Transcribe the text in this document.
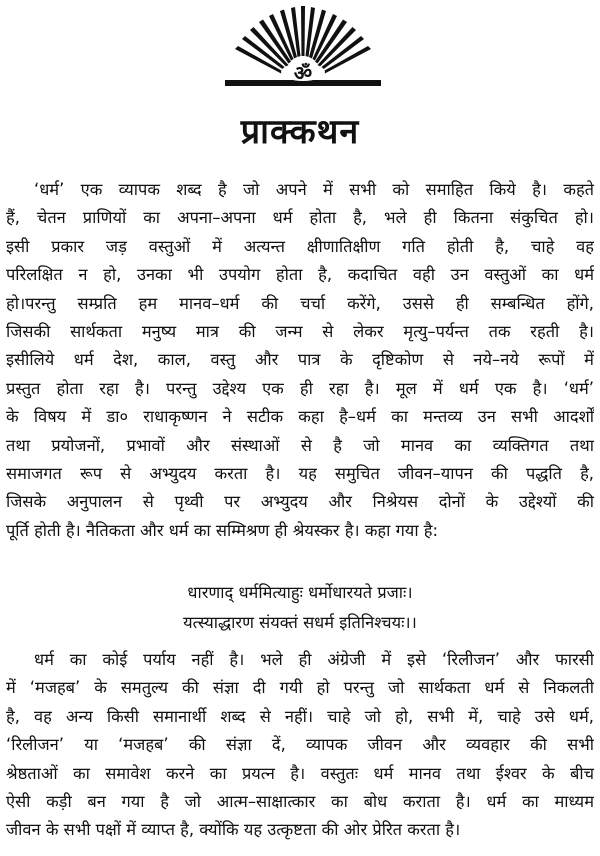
ॐ
प्राक्कथन
‘धर्म’ एक व्यापक शब्द है जो अपने में सभी को समाहित किये है। कहते
हैं, चेतन प्राणियों का अपना–अपना धर्म होता है, भले ही कितना संकुचित हो।
इसी प्रकार जड़ वस्तुओं में अत्यन्त क्षीणातिक्षीण गति होती है, चाहे वह
परिलक्षित न हो, उनका भी उपयोग होता है, कदाचित वही उन वस्तुओं का धर्म
हो।परन्तु सम्प्रति हम मानव–धर्म की चर्चा करेंगे, उससे ही सम्बन्धित होंगे,
जिसकी सार्थकता मनुष्य मात्र की जन्म से लेकर मृत्यु–पर्यन्त तक रहती है।
इसीलिये धर्म देश, काल, वस्तु और पात्र के दृष्टिकोण से नये–नये रूपों में
प्रस्तुत होता रहा है। परन्तु उद्देश्य एक ही रहा है। मूल में धर्म एक है। ‘धर्म’
के विषय में डा० राधाकृष्णन ने सटीक कहा है–धर्म का मन्तव्य उन सभी आदर्शों
तथा प्रयोजनों, प्रभावों और संस्थाओं से है जो मानव का व्यक्तिगत तथा
समाजगत रूप से अभ्युदय करता है। यह समुचित जीवन–यापन की पद्धति है,
जिसके अनुपालन से पृथ्वी पर अभ्युदय और निश्रेयस दोनों के उद्देश्यों की
पूर्ति होती है। नैतिकता और धर्म का सम्मिश्रण ही श्रेयस्कर है। कहा गया है:
धारणाद् धर्ममित्याहुः धर्मोधारयते प्रजाः।
यत्स्याद्धारण संयक्तं सधर्म इतिनिश्चयः।।
धर्म का कोई पर्याय नहीं है। भले ही अंग्रेजी में इसे ‘रिलीजन’ और फारसी
में ‘मजहब’ के समतुल्य की संज्ञा दी गयी हो परन्तु जो सार्थकता धर्म से निकलती
है, वह अन्य किसी समानार्थी शब्द से नहीं। चाहे जो हो, सभी में, चाहे उसे धर्म,
‘रिलीजन’ या ‘मजहब’ की संज्ञा दें, व्यापक जीवन और व्यवहार की सभी
श्रेष्ठताओं का समावेश करने का प्रयत्न है। वस्तुतः धर्म मानव तथा ईश्वर के बीच
ऐसी कड़ी बन गया है जो आत्म–साक्षात्कार का बोध कराता है। धर्म का माध्यम
जीवन के सभी पक्षों में व्याप्त है, क्योंकि यह उत्कृष्टता की ओर प्रेरित करता है।
